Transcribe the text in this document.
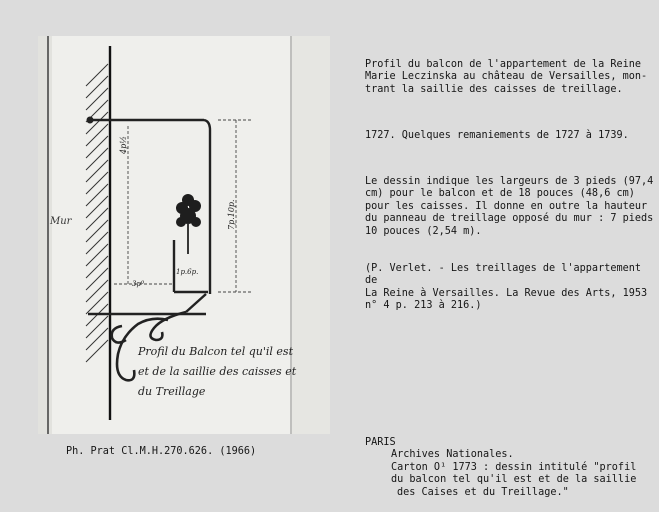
Mur
4p½
7p.10p.
1p.6p.
3pº
Profil du Balcon tel qu'il est
et de la saillie des caisses et
du Treillage

Profil du balcon de l'appartement de la Reine
Marie Leczinska au château de Versailles, mon-
trant la saillie des caisses de treillage.

1727. Quelques remaniements de 1727 à 1739.

Le dessin indique les largeurs de 3 pieds (97,4
cm) pour le balcon et de 18 pouces (48,6 cm)
pour les caisses. Il donne en outre la hauteur
du panneau de treillage opposé du mur : 7 pieds
10 pouces (2,54 m).

(P. Verlet. - Les treillages de l'appartement de
La Reine à Versailles. La Revue des Arts, 1953
n° 4 p. 213 à 216.)

Ph. Prat Cl.M.H.270.626. (1966)
PARIS
Archives Nationales.
Carton O¹ 1773 : dessin intitulé "profil
du balcon tel qu'il est et de la saillie
des Caises et du Treillage."
